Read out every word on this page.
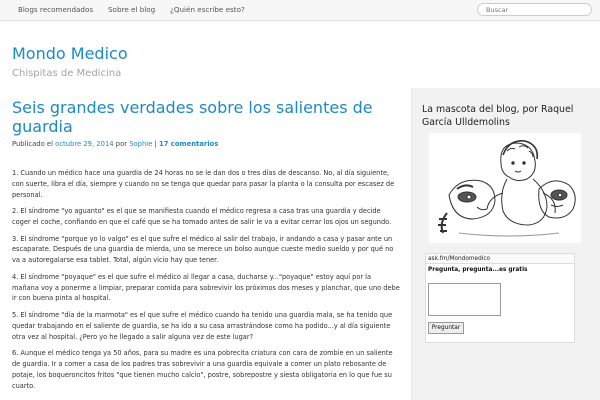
Blogs recomendados Sobre el blog ¿Quién escribe esto?
Buscar
Mondo Medico

Chispitas de Medicina

Seis grandes verdades sobre los salientes de guardia
Publicado el octubre 29, 2014 por Sophie | 17 comentarios

1. Cuando un médico hace una guardia de 24 horas no se le dan dos o tres días de descanso. No, al día siguiente, con suerte, libra el día, siempre y cuando no se tenga que quedar para pasar la planta o la consulta por escasez de personal.

2. El síndrome "yo aguanto" es el que se manifiesta cuando el médico regresa a casa tras una guardia y decide coger el coche, confiando en que el café que se ha tomado antes de salir le va a evitar cerrar los ojos un segundo.

3. El síndrome "porque yo lo valgo" es el que sufre el médico al salir del trabajo, ir andando a casa y pasar ante un escaparate. Después de una guardia de mierda, uno se merece un bolso aunque cueste medio sueldo y por qué no va a autoregalarse esa tablet. Total, algún vicio hay que tener.

4. El síndrome "poyaque" es el que sufre el médico al llegar a casa, ducharse y..."poyaque" estoy aquí por la mañana voy a ponerme a limpiar, preparar comida para sobrevivir los próximos dos meses y planchar, que uno debe ir con buena pinta al hospital.

5. El síndrome "día de la marmota" es el que sufre el médico cuando ha tenido una guardia mala, se ha tenido que quedar trabajando en el saliente de guardia, se ha ido a su casa arrastrándose como ha podido...y al día siguiente otra vez al hospital. ¿Pero yo he llegado a salir alguna vez de este lugar?

6. Aunque el médico tenga ya 50 años, para su madre es una pobrecita criatura con cara de zombie en un saliente de guardia. Ir a comer a casa de los padres tras sobrevivir a una guardia equivale a comer un plato rebosante de potaje, los boqueroncitos fritos "que tienen mucho calcio", postre, sobrepostre y siesta obligatoria en lo que fue su cuarto.

La mascota del blog, por Raquel García Ulldemolins
ask.fm/Mondomedico
Pregunta, pregunta...es gratis
Preguntar
